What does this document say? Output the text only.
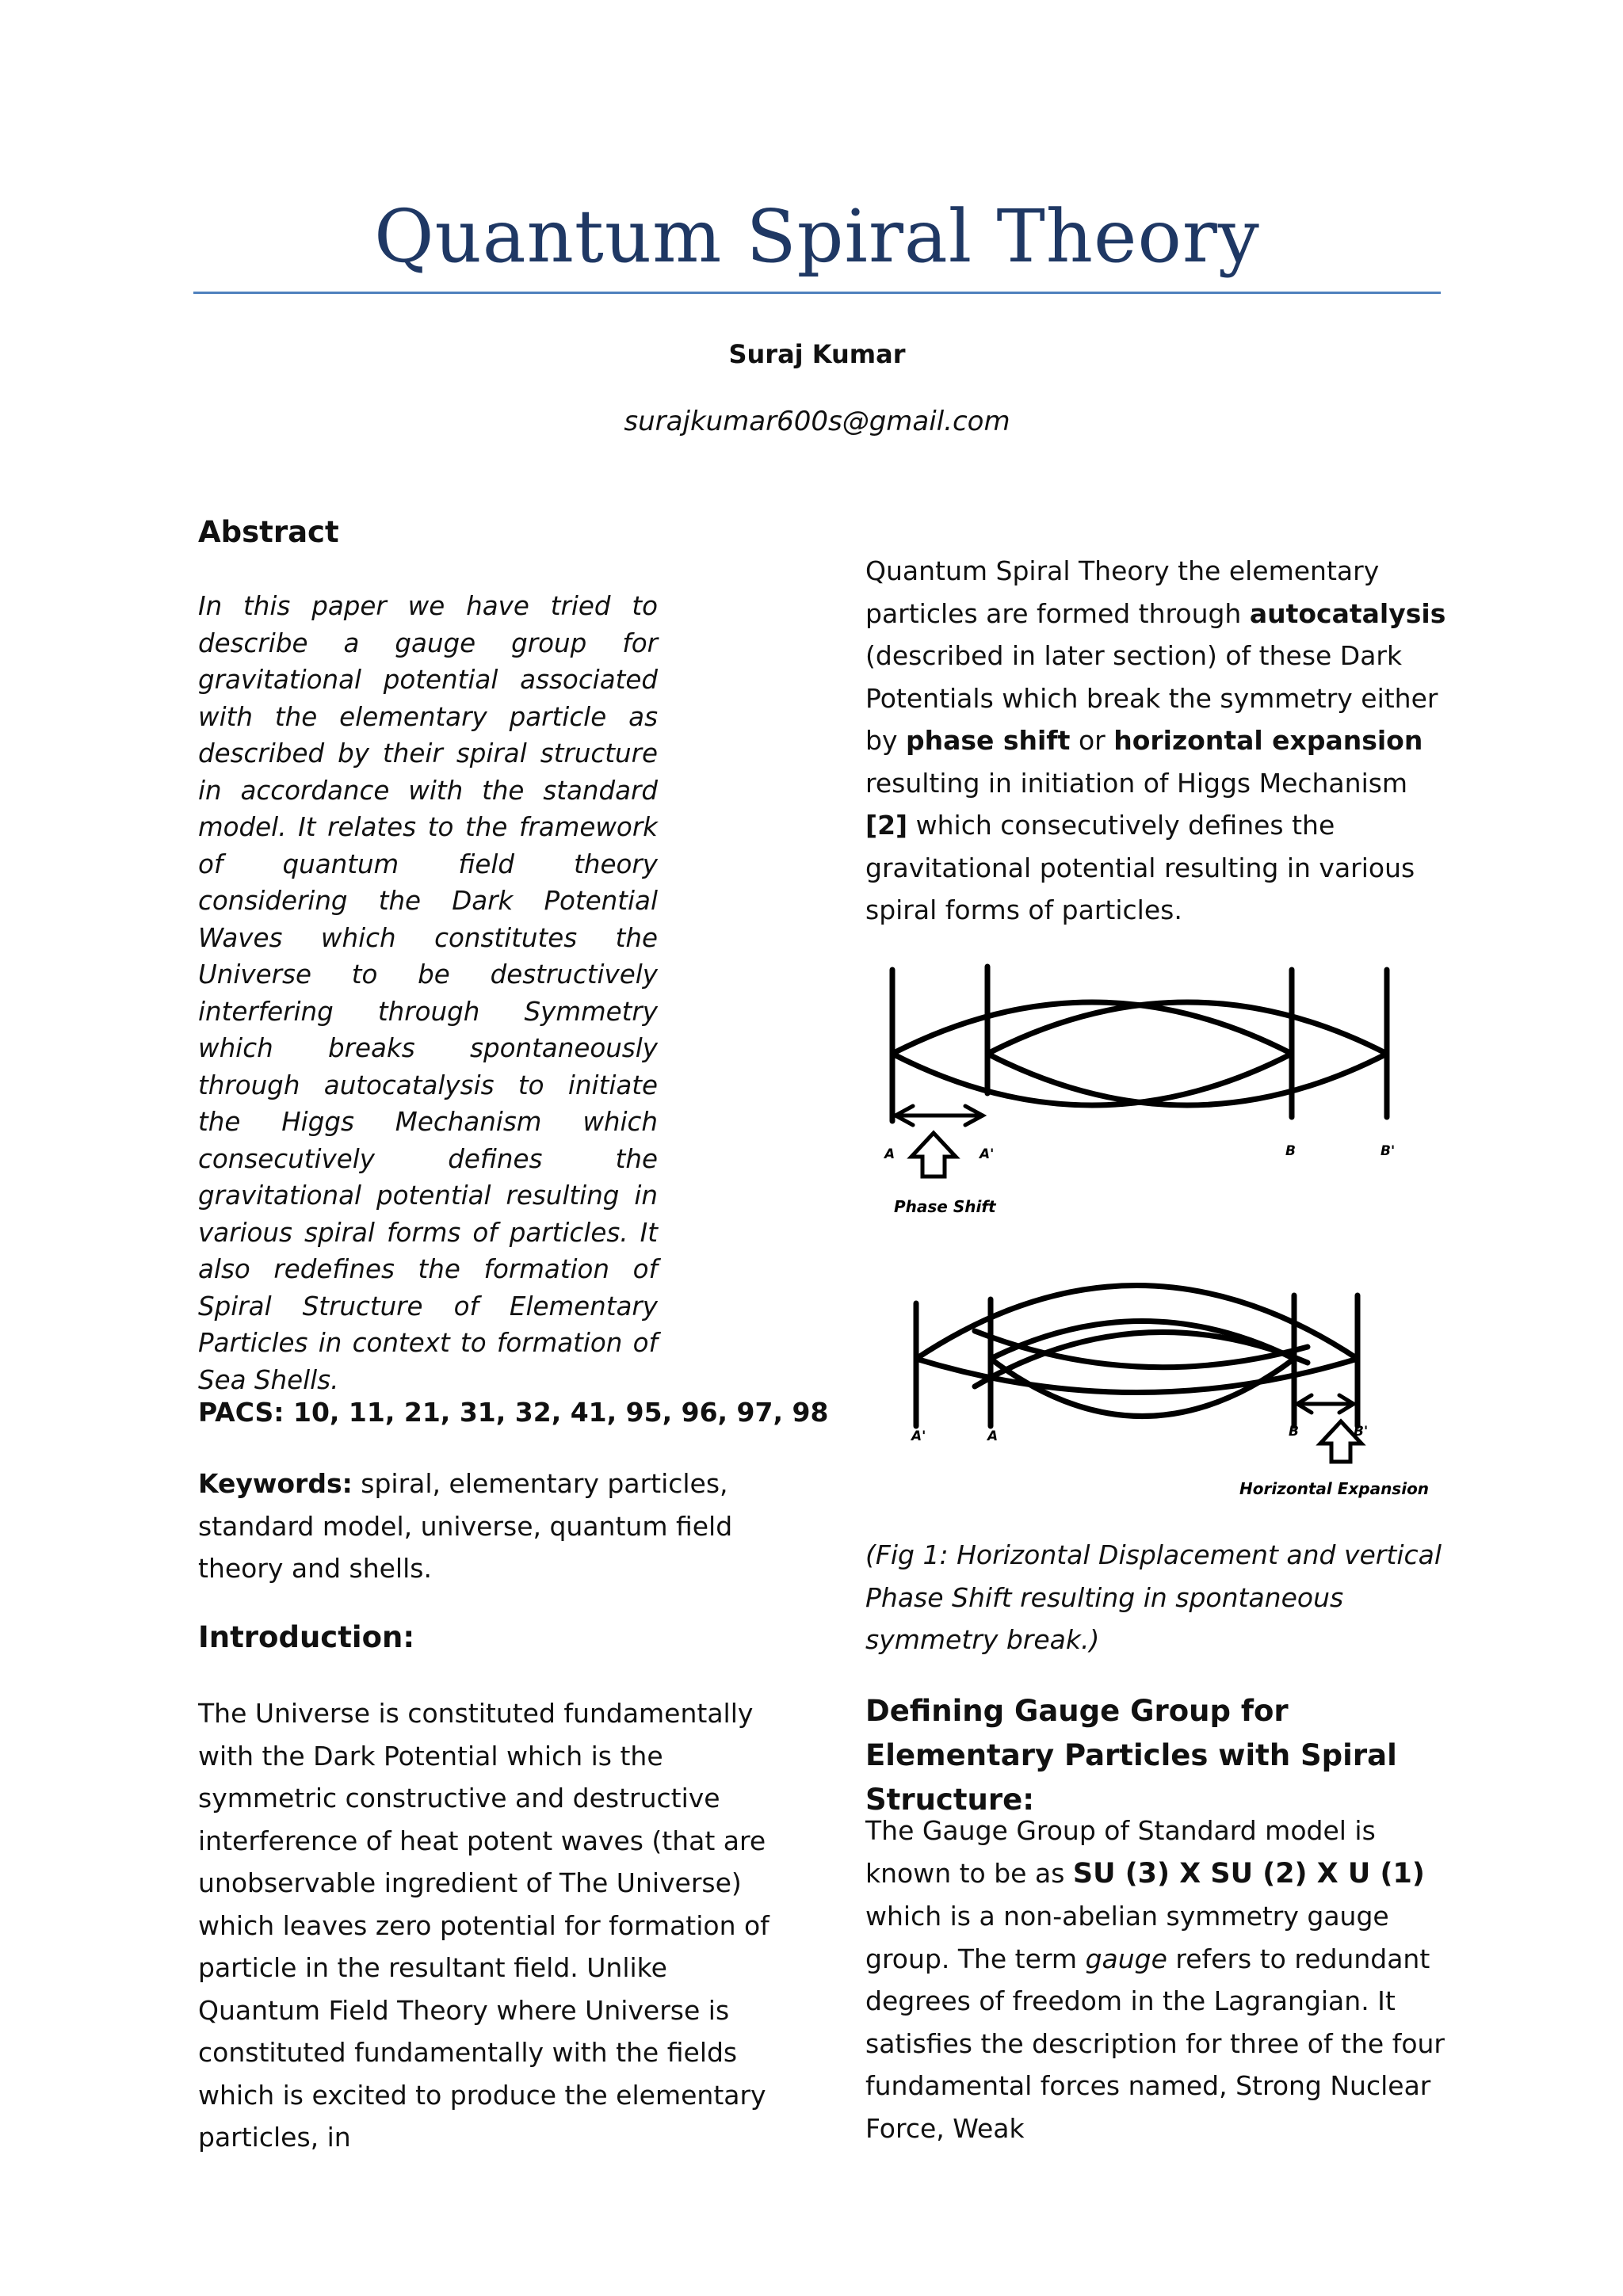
Quantum Spiral Theory
Suraj Kumar
surajkumar600s@gmail.com
Abstract
In this paper we have tried to describe a gauge group for gravitational potential associated with the elementary particle as described by their spiral structure in accordance with the standard model. It relates to the framework of quantum field theory considering the Dark Potential Waves which constitutes the Universe to be destructively interfering through Symmetry which breaks spontaneously through autocatalysis to initiate the Higgs Mechanism which consecutively defines the gravitational potential resulting in various spiral forms of particles. It also redefines the formation of Spiral Structure of Elementary Particles in context to formation of Sea Shells.
PACS: 10, 11, 21, 31, 32, 41, 95, 96, 97, 98
Keywords: spiral, elementary particles, standard model, universe, quantum field theory and shells.
Introduction:
The Universe is constituted fundamentally with the Dark Potential which is the symmetric constructive and destructive interference of heat potent waves (that are unobservable ingredient of The Universe) which leaves zero potential for formation of particle in the resultant field. Unlike Quantum Field Theory where Universe is constituted fundamentally with the fields which is excited to produce the elementary particles, in
Quantum Spiral Theory the elementary particles are formed through autocatalysis (described in later section) of these Dark Potentials which break the symmetry either by phase shift or horizontal expansion resulting in initiation of Higgs Mechanism [2] which consecutively defines the gravitational potential resulting in various spiral forms of particles.
A	A'	B	B'
Phase Shift
A'	A	B	B'
Horizontal Expansion
(Fig 1: Horizontal Displacement and vertical Phase Shift resulting in spontaneous symmetry break.)
Defining Gauge Group for Elementary Particles with Spiral Structure:
The Gauge Group of Standard model is known to be as SU (3) X SU (2) X U (1) which is a non-abelian symmetry gauge group. The term gauge refers to redundant degrees of freedom in the Lagrangian. It satisfies the description for three of the four fundamental forces named, Strong Nuclear Force, Weak
